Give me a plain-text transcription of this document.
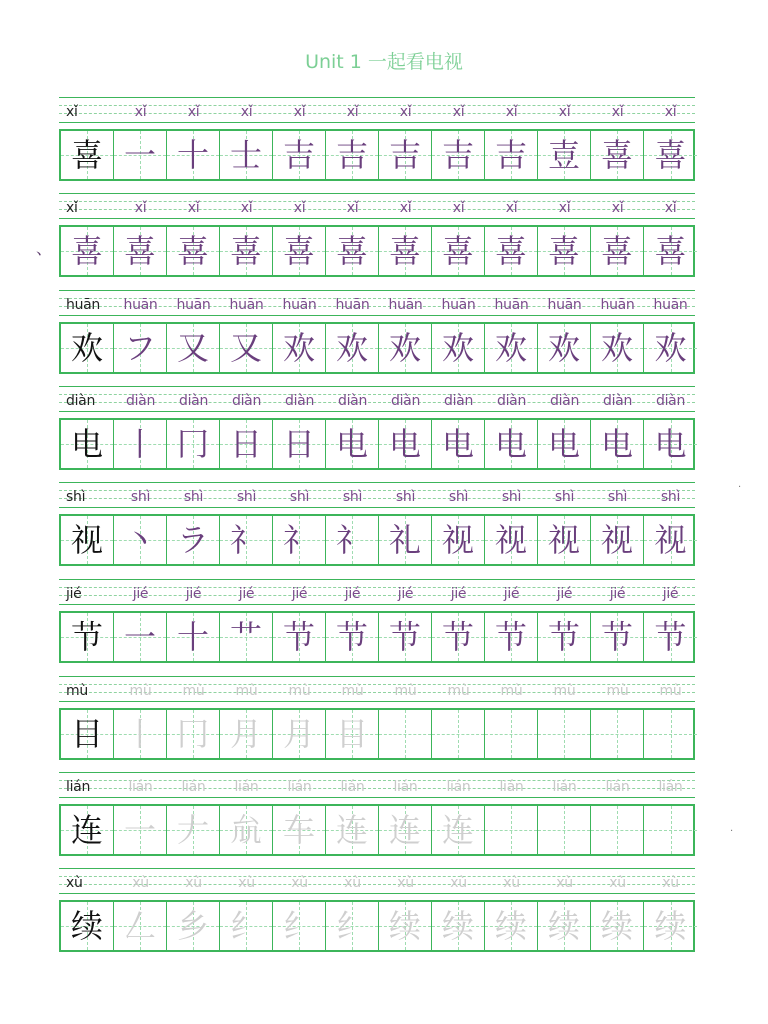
Unit 1 一起看电视
、
·
·
xǐ	xǐ	xǐ	xǐ	xǐ	xǐ	xǐ	xǐ	xǐ	xǐ	xǐ	xǐ
喜 一 十 士 吉 吉 吉 吉 吉 壴 喜 喜
xǐ	xǐ	xǐ	xǐ	xǐ	xǐ	xǐ	xǐ	xǐ	xǐ	xǐ	xǐ
喜 喜 喜 喜 喜 喜 喜 喜 喜 喜 喜 喜
huān	huān	huān	huān	huān	huān	huān	huān	huān	huān	huān	huān
欢 フ 又 又 欢 欢 欢 欢 欢 欢 欢 欢
diàn	diàn	diàn	diàn	diàn	diàn	diàn	diàn	diàn	diàn	diàn	diàn
电 丨 冂 日 日 电 电 电 电 电 电 电
shì	shì	shì	shì	shì	shì	shì	shì	shì	shì	shì	shì
视 丶 ラ 礻 礻 礻 礼 视 视 视 视 视
jié	jié	jié	jié	jié	jié	jié	jié	jié	jié	jié	jié
节 一 十 艹 节 节 节 节 节 节 节 节
mù	mù	mù	mù	mù	mù	mù	mù	mù	mù	mù	mù
目 丨 冂 月 月 目
lián	lián	lián	lián	lián	lián	lián	lián	lián	lián	lián	lián
连 一 𠂇 𠫠 车 连 连 连
xù	xù	xù	xù	xù	xù	xù	xù	xù	xù	xù	xù
续 𠃋 乡 纟 纟 纟 续 续 续 续 续 续
